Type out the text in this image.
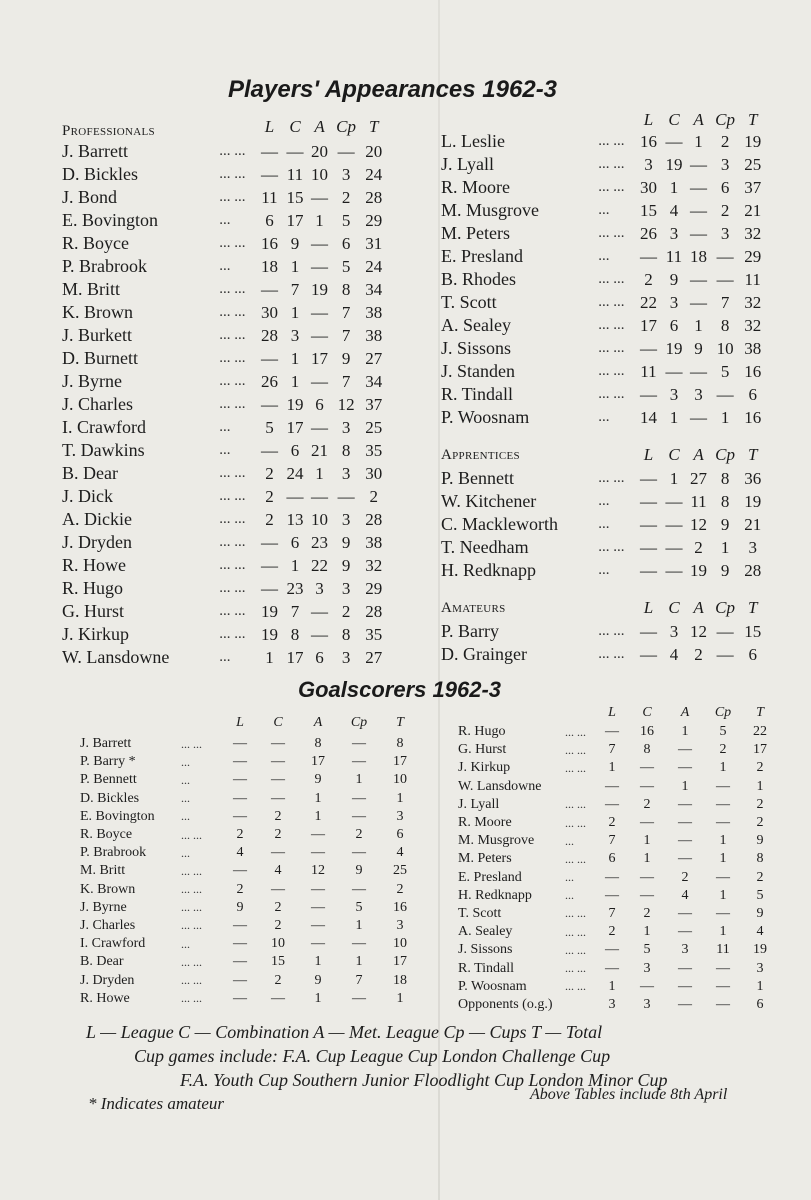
Players' Appearances 1962-3
Professionals		L	C	A	Cp	T
J. Barrett	... ...	—	—	20	—	20
D. Bickles	... ...	—	11	10	3	24
J. Bond	... ...	11	15	—	2	28
E. Bovington	...	6	17	1	5	29
R. Boyce	... ...	16	9	—	6	31
P. Brabrook	...	18	1	—	5	24
M. Britt	... ...	—	7	19	8	34
K. Brown	... ...	30	1	—	7	38
J. Burkett	... ...	28	3	—	7	38
D. Burnett	... ...	—	1	17	9	27
J. Byrne	... ...	26	1	—	7	34
J. Charles	... ...	—	19	6	12	37
I. Crawford	...	5	17	—	3	25
T. Dawkins	...	—	6	21	8	35
B. Dear	... ...	2	24	1	3	30
J. Dick	... ...	2	—	—	—	2
A. Dickie	... ...	2	13	10	3	28
J. Dryden	... ...	—	6	23	9	38
R. Howe	... ...	—	1	22	9	32
R. Hugo	... ...	—	23	3	3	29
G. Hurst	... ...	19	7	—	2	28
J. Kirkup	... ...	19	8	—	8	35
W. Lansdowne	...	1	17	6	3	27
		L	C	A	Cp	T
L. Leslie	... ...	16	—	1	2	19
J. Lyall	... ...	3	19	—	3	25
R. Moore	... ...	30	1	—	6	37
M. Musgrove	...	15	4	—	2	21
M. Peters	... ...	26	3	—	3	32
E. Presland	...	—	11	18	—	29
B. Rhodes	... ...	2	9	—	—	11
T. Scott	... ...	22	3	—	7	32
A. Sealey	... ...	17	6	1	8	32
J. Sissons	... ...	—	19	9	10	38
J. Standen	... ...	11	—	—	5	16
R. Tindall	... ...	—	3	3	—	6
P. Woosnam	...	14	1	—	1	16

Apprentices		L	C	A	Cp	T
P. Bennett	... ...	—	1	27	8	36
W. Kitchener	...	—	—	11	8	19
C. Mackleworth	...	—	—	12	9	21
T. Needham	... ...	—	—	2	1	3
H. Redknapp	...	—	—	19	9	28

Amateurs		L	C	A	Cp	T
P. Barry	... ...	—	3	12	—	15
D. Grainger	... ...	—	4	2	—	6
Goalscorers 1962-3
		L	C	A	Cp	T
J. Barrett	... ...	—	—	8	—	8
P. Barry *	...	—	—	17	—	17
P. Bennett	...	—	—	9	1	10
D. Bickles	...	—	—	1	—	1
E. Bovington	...	—	2	1	—	3
R. Boyce	... ...	2	2	—	2	6
P. Brabrook	...	4	—	—	—	4
M. Britt	... ...	—	4	12	9	25
K. Brown	... ...	2	—	—	—	2
J. Byrne	... ...	9	2	—	5	16
J. Charles	... ...	—	2	—	1	3
I. Crawford	...	—	10	—	—	10
B. Dear	... ...	—	15	1	1	17
J. Dryden	... ...	—	2	9	7	18
R. Howe	... ...	—	—	1	—	1
		L	C	A	Cp	T
R. Hugo	... ...	—	16	1	5	22
G. Hurst	... ...	7	8	—	2	17
J. Kirkup	... ...	1	—	—	1	2
W. Lansdowne		—	—	1	—	1
J. Lyall	... ...	—	2	—	—	2
R. Moore	... ...	2	—	—	—	2
M. Musgrove	...	7	1	—	1	9
M. Peters	... ...	6	1	—	1	8
E. Presland	...	—	—	2	—	2
H. Redknapp	...	—	—	4	1	5
T. Scott	... ...	7	2	—	—	9
A. Sealey	... ...	2	1	—	1	4
J. Sissons	... ...	—	5	3	11	19
R. Tindall	... ...	—	3	—	—	3
P. Woosnam	... ...	1	—	—	—	1
Opponents (o.g.)		3	3	—	—	6

L — League C — Combination A — Met. League Cp — Cups T — Total

Cup games include: F.A. Cup League Cup London Challenge Cup

F.A. Youth Cup Southern Junior Floodlight Cup London Minor Cup

* Indicates amateur	Above Tables include 8th April
